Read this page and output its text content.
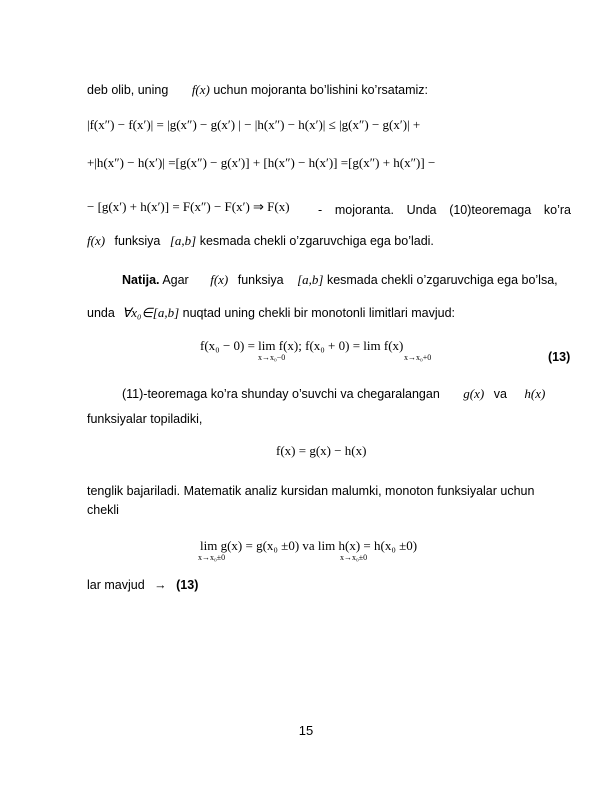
deb olib, uning f(x) uchun mojoranta bo’lishini ko’rsatamiz:
|f(x″) − f(x′)| = |g(x″) − g(x′) | − |h(x″) − h(x′)| ≤ |g(x″) − g(x′)| +
+|h(x″) − h(x′)| =[g(x″) − g(x′)] + [h(x″) − h(x′)] =[g(x″) + h(x″)] −
− [g(x′) + h(x′)] = F(x″) − F(x′) ⇒ F(x) - mojoranta. Unda (10)teoremaga ko’ra
f(x) funksiya [a,b] kesmada chekli o’zgaruvchiga ega bo’ladi.
Natija. Agar f(x) funksiya [a,b] kesmada chekli o’zgaruvchiga ega bo’lsa,
unda ∀x₀∈[a,b] nuqtad uning chekli bir monotonli limitlari mavjud:
f(x₀ − 0) = lim f(x); f(x₀ + 0) = lim f(x)
x→x₀−0	x→x₀+0	(13)
(11)-teoremaga ko’ra shunday o’suvchi va chegaralangan g(x) va h(x)
funksiyalar topiladiki,
f(x) = g(x) − h(x)
tenglik bajariladi. Matematik analiz kursidan malumki, monoton funksiyalar uchun
chekli
lim g(x) = g(x₀ ±0) va lim h(x) = h(x₀ ±0)
x→x₀±0	x→x₀±0
lar mavjud → (13)
15
